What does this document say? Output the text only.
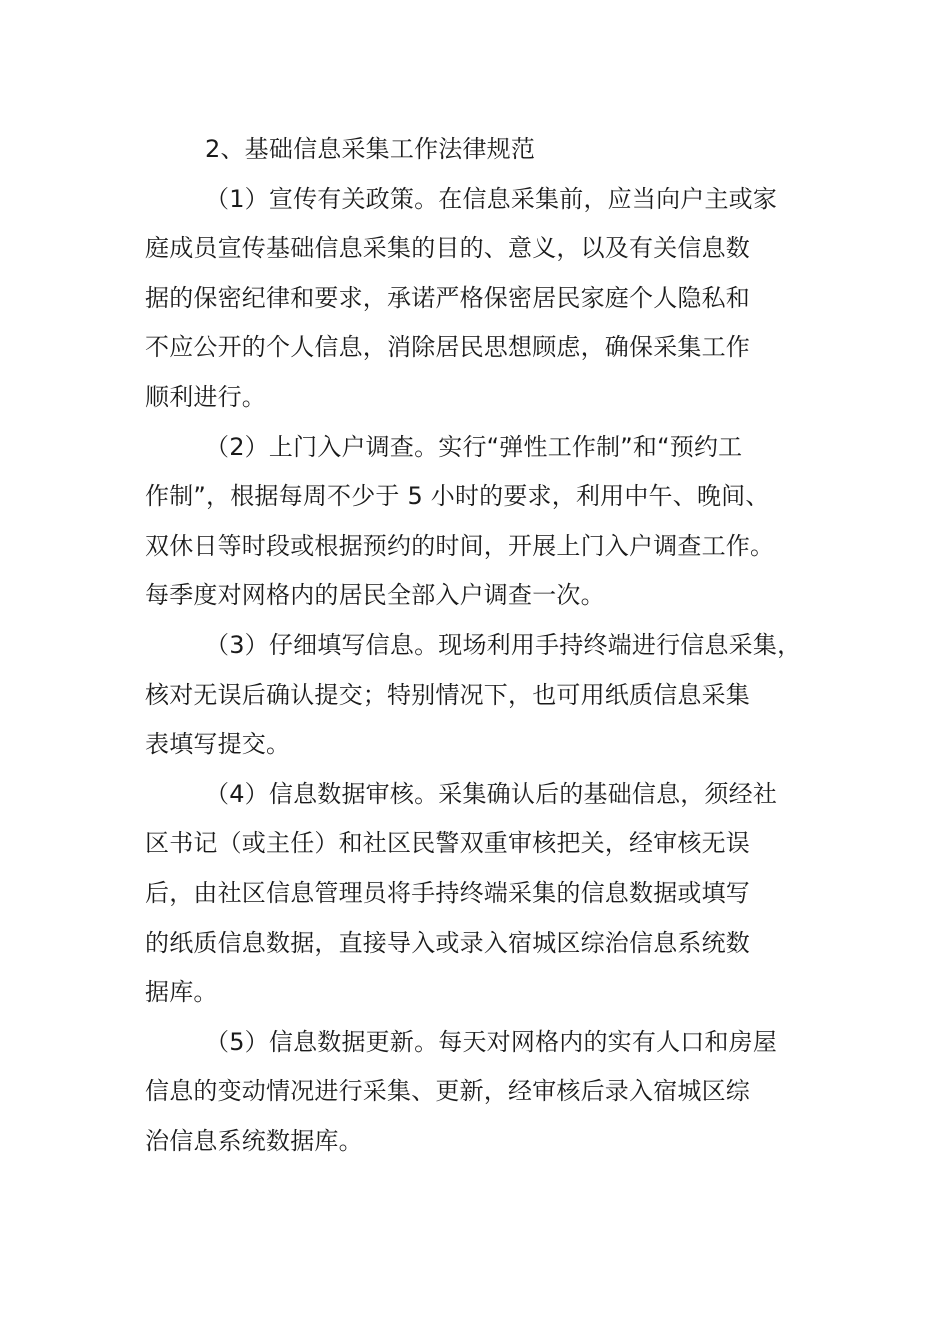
2、基础信息采集工作法律规范
（1）宣传有关政策。在信息采集前，应当向户主或家
庭成员宣传基础信息采集的目的、意义，以及有关信息数
据的保密纪律和要求，承诺严格保密居民家庭个人隐私和
不应公开的个人信息，消除居民思想顾虑，确保采集工作
顺利进行。
（2）上门入户调查。实行“弹性工作制”和“预约工
作制”，根据每周不少于 5 小时的要求，利用中午、晚间、
双休日等时段或根据预约的时间，开展上门入户调查工作。
每季度对网格内的居民全部入户调查一次。
（3）仔细填写信息。现场利用手持终端进行信息采集，
核对无误后确认提交；特别情况下，也可用纸质信息采集
表填写提交。
（4）信息数据审核。采集确认后的基础信息，须经社
区书记（或主任）和社区民警双重审核把关，经审核无误
后，由社区信息管理员将手持终端采集的信息数据或填写
的纸质信息数据，直接导入或录入宿城区综治信息系统数
据库。
（5）信息数据更新。每天对网格内的实有人口和房屋
信息的变动情况进行采集、更新，经审核后录入宿城区综
治信息系统数据库。
